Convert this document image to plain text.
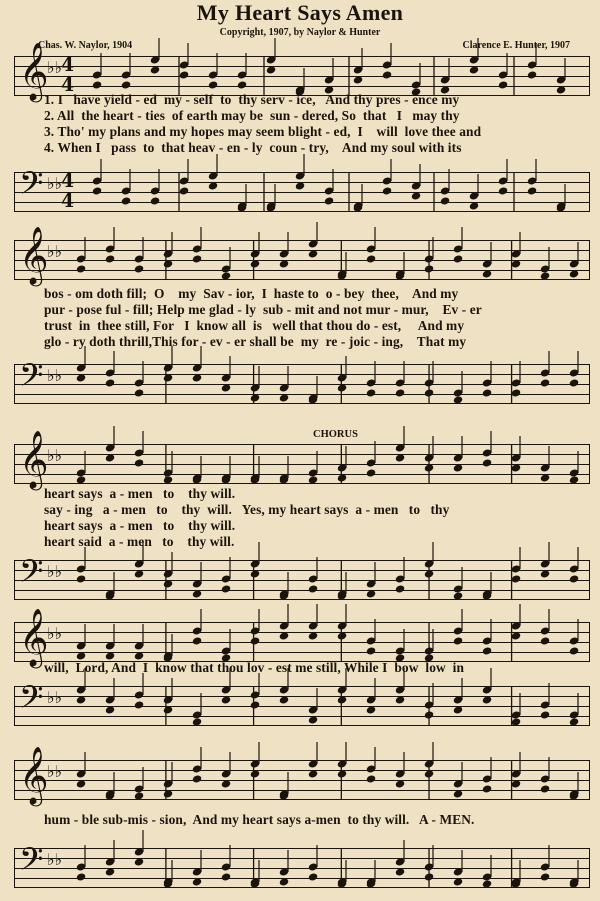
My Heart Says Amen
Copyright, 1907, by Naylor & Hunter
Chas. W. Naylor, 1904	Clarence E. Hunter, 1907
𝄞
♭♭
4
4
1. I   have yield - ed  my - self  to  thy serv - ice,   And thy pres - ence my
2. All  the heart - ties  of earth may be  sun - dered, So  that   I   may thy
3. Tho' my plans and my hopes may seem blight - ed,  I    will  love thee and
4. When I   pass  to  that heav - en - ly  coun - try,    And my soul with its
𝄢 ♭♭
4
4
𝄞
♭♭
bos - om doth fill;  O    my  Sav - ior,  I  haste to  o - bey  thee,    And my
pur - pose ful - fill; Help me glad - ly  sub - mit and not mur - mur,    Ev - er
trust  in  thee still, For   I  know all  is   well that thou do - est,     And my
glo - ry doth thrill,This for - ev - er shall be  my  re - joic - ing,    That my
𝄢 ♭♭
CHORUS
𝄞
♭♭
heart says  a - men   to    thy will.
say - ing   a - men   to    thy  will.   Yes, my heart says  a - men   to   thy
heart says  a - men   to    thy will.
heart said  a - men   to    thy will.
𝄢 ♭♭
𝄞
♭♭
will,  Lord, And  I  know that thou lov - est me still, While I  bow  low  in
𝄢 ♭♭
𝄞
♭♭
hum - ble sub-mis - sion,  And my heart says a-men  to thy will.   A - MEN.
𝄢 ♭♭
